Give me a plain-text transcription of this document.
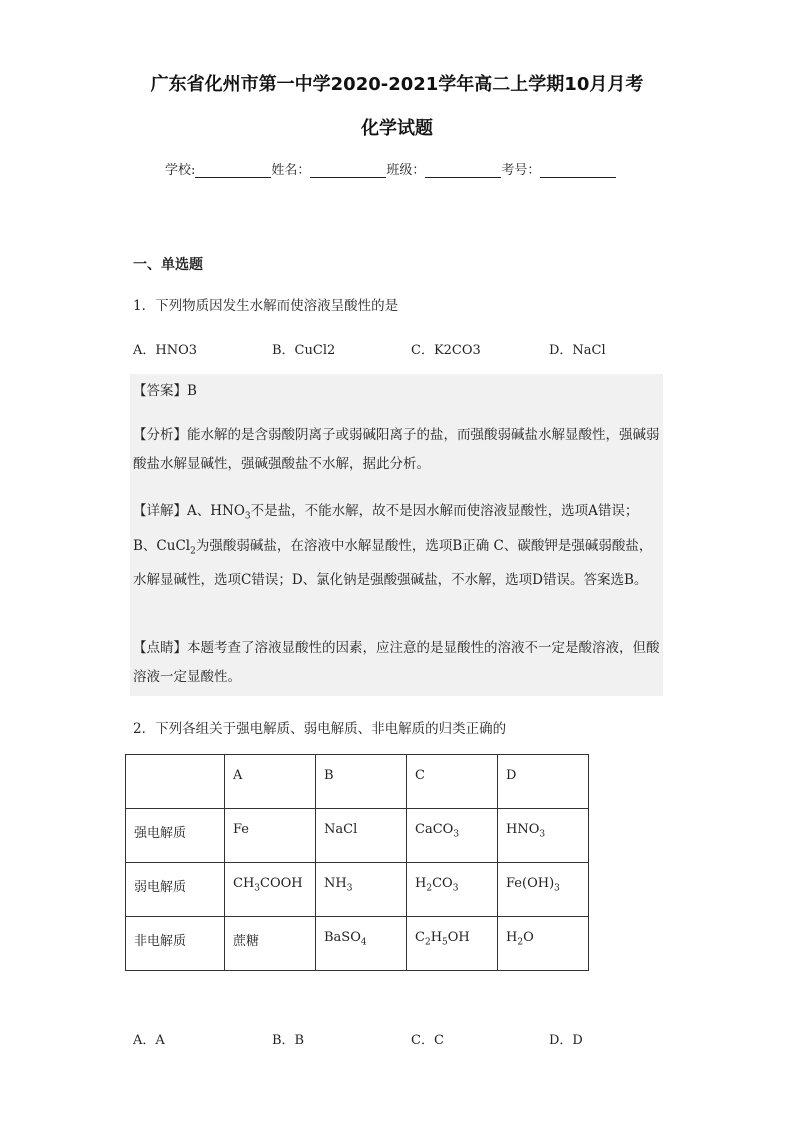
广东省化州市第一中学2020-2021学年高二上学期10月月考
化学试题
学校:	姓名：	班级：	考号：
一、单选题
1．下列物质因发生水解而使溶液呈酸性的是
A．HNO3	B．CuCl2	C．K2CO3	D．NaCl
【答案】B
【分析】能水解的是含弱酸阴离子或弱碱阳离子的盐，而强酸弱碱盐水解显酸性，强碱弱酸盐水解显碱性，强碱强酸盐不水解，据此分析。
【详解】A、$HNO_3$不是盐，不能水解，故不是因水解而使溶液显酸性，选项A错误；B、CuCl$_2$为强酸弱碱盐，在溶液中水解显酸性，选项B正确 C、碳酸钾是强碱弱酸盐，水解显碱性，选项C错误；D、氯化钠是强酸强碱盐，不水解，选项D错误。答案选B。
【点睛】本题考查了溶液显酸性的因素，应注意的是显酸性的溶液不一定是酸溶液，但酸溶液一定显酸性。
2．下列各组关于强电解质、弱电解质、非电解质的归类正确的
	A	B	C	D
强电解质	Fe	NaCl	CaCO$_3$	$HNO_3$
弱电解质	$CH_3COOH$	$NH_3$	$H_2CO_3$	$Fe(OH)_3$
非电解质	蔗糖	BaSO$_4$	$C_2H_5OH$	$H_2O$
A．A	B．B	C．C	D．D
